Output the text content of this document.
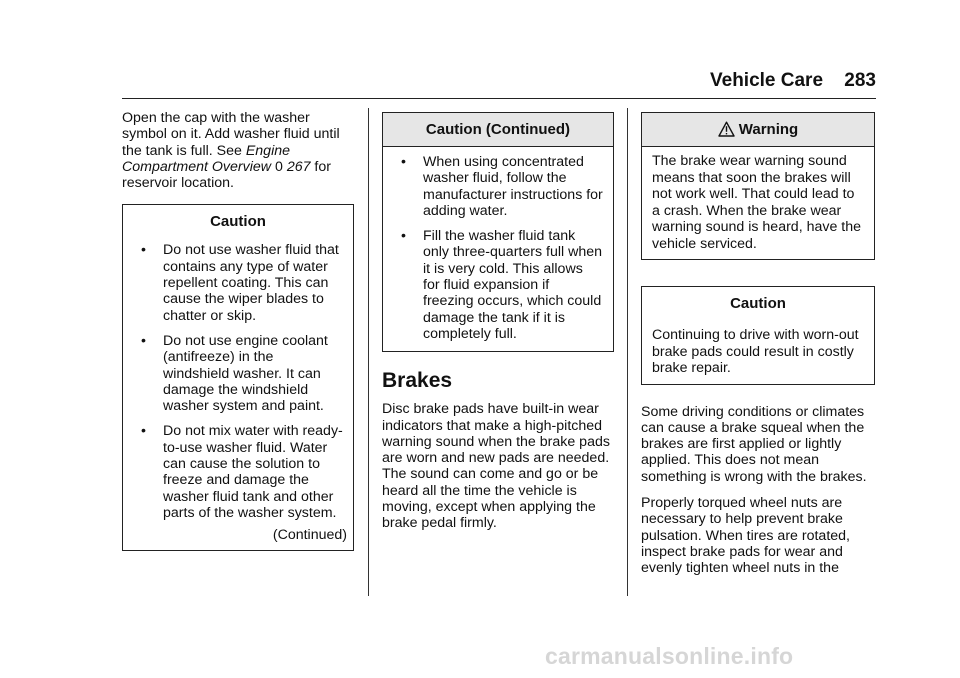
Vehicle Care 283

Open the cap with the washer
symbol on it. Add washer fluid until
the tank is full. See Engine
Compartment Overview 0 267 for
reservoir location.

Caution
• Do not use washer fluid that contains any type of water repellent coating. This can cause the wiper blades to chatter or skip.
• Do not use engine coolant (antifreeze) in the windshield washer. It can damage the windshield washer system and paint.
• Do not mix water with ready-to-use washer fluid. Water can cause the solution to freeze and damage the washer fluid tank and other parts of the washer system.
(Continued)
Caution (Continued)
• When using concentrated washer fluid, follow the manufacturer instructions for adding water.
• Fill the washer fluid tank only three-quarters full when it is very cold. This allows for fluid expansion if freezing occurs, which could damage the tank if it is completely full.
Brakes

Disc brake pads have built-in wear indicators that make a high-pitched warning sound when the brake pads are worn and new pads are needed. The sound can come and go or be heard all the time the vehicle is moving, except when applying the brake pedal firmly.

Warning
The brake wear warning sound means that soon the brakes will not work well. That could lead to a crash. When the brake wear warning sound is heard, have the vehicle serviced.
Caution
Continuing to drive with worn-out brake pads could result in costly brake repair.

Some driving conditions or climates can cause a brake squeal when the brakes are first applied or lightly applied. This does not mean something is wrong with the brakes.

Properly torqued wheel nuts are necessary to help prevent brake pulsation. When tires are rotated, inspect brake pads for wear and evenly tighten wheel nuts in the

carmanualsonline.info
